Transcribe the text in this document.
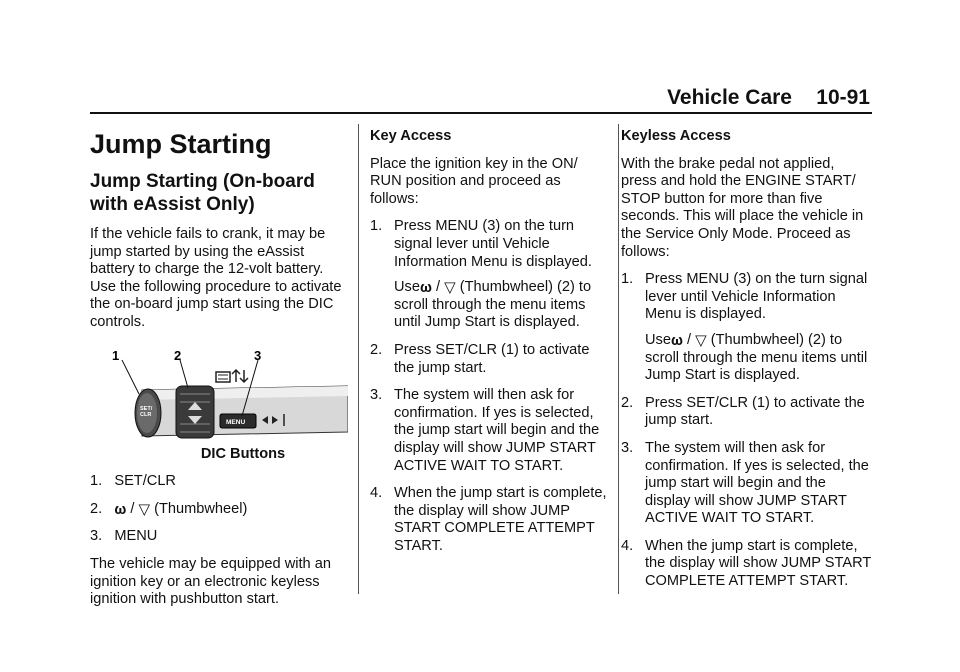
Vehicle Care 10-91
Jump Starting
Jump Starting (On-board with eAssist Only)

If the vehicle fails to crank, it may be jump started by using the eAssist battery to charge the 12-volt battery. Use the following procedure to activate the on-board jump start using the DIC controls.

1	2	3
SET/
CLR
MENU
DIC Buttons
1. SET/CLR
2. 𝛚 / ▽ (Thumbwheel)
3. MENU

The vehicle may be equipped with an ignition key or an electronic keyless ignition with pushbutton start.

Key Access

Place the ignition key in the ON/ RUN position and proceed as follows:

1. Press MENU (3) on the turn signal lever until Vehicle Information Menu is displayed.
Use𝛚 / ▽ (Thumbwheel) (2) to scroll through the menu items until Jump Start is displayed.
2. Press SET/CLR (1) to activate the jump start.
3. The system will then ask for confirmation. If yes is selected, the jump start will begin and the display will show JUMP START ACTIVE WAIT TO START.
4. When the jump start is complete, the display will show JUMP START COMPLETE ATTEMPT START.
Keyless Access

With the brake pedal not applied, press and hold the ENGINE START/ STOP button for more than five seconds. This will place the vehicle in the Service Only Mode. Proceed as follows:

1. Press MENU (3) on the turn signal lever until Vehicle Information Menu is displayed.
Use𝛚 / ▽ (Thumbwheel) (2) to scroll through the menu items until Jump Start is displayed.
2. Press SET/CLR (1) to activate the jump start.
3. The system will then ask for confirmation. If yes is selected, the jump start will begin and the display will show JUMP START ACTIVE WAIT TO START.
4. When the jump start is complete, the display will show JUMP START COMPLETE ATTEMPT START.
